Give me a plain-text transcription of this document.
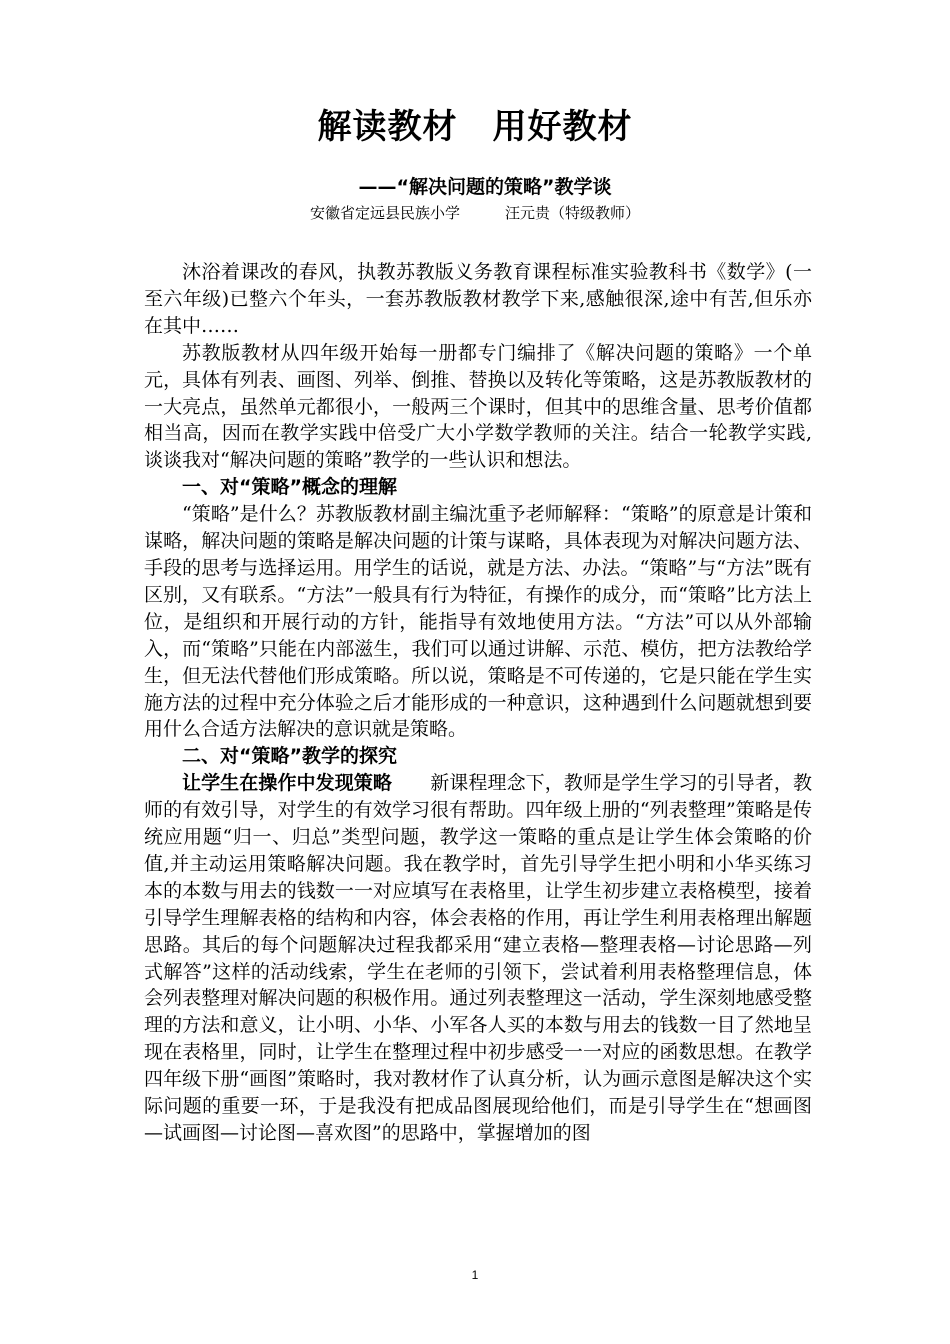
解读教材　用好教材
——“解决问题的策略”教学谈
安徽省定远县民族小学　　　汪元贵（特级教师）

沐浴着课改的春风，执教苏教版义务教育课程标准实验教科书《数学》(一至六年级)已整六个年头，一套苏教版教材教学下来,感触很深,途中有苦,但乐亦在其中……

苏教版教材从四年级开始每一册都专门编排了《解决问题的策略》一个单元，具体有列表、画图、列举、倒推、替换以及转化等策略，这是苏教版教材的一大亮点，虽然单元都很小，一般两三个课时，但其中的思维含量、思考价值都相当高，因而在教学实践中倍受广大小学数学教师的关注。结合一轮教学实践,谈谈我对“解决问题的策略”教学的一些认识和想法。

一、对“策略”概念的理解

“策略”是什么？苏教版教材副主编沈重予老师解释：“策略”的原意是计策和谋略，解决问题的策略是解决问题的计策与谋略，具体表现为对解决问题方法、手段的思考与选择运用。用学生的话说，就是方法、办法。“策略”与“方法”既有区别，又有联系。“方法”一般具有行为特征，有操作的成分，而“策略”比方法上位，是组织和开展行动的方针，能指导有效地使用方法。“方法”可以从外部输入，而“策略”只能在内部滋生，我们可以通过讲解、示范、模仿，把方法教给学生，但无法代替他们形成策略。所以说，策略是不可传递的，它是只能在学生实施方法的过程中充分体验之后才能形成的一种意识，这种遇到什么问题就想到要用什么合适方法解决的意识就是策略。

二、对“策略”教学的探究

让学生在操作中发现策略　　新课程理念下，教师是学生学习的引导者，教师的有效引导，对学生的有效学习很有帮助。四年级上册的“列表整理”策略是传统应用题“归一、归总”类型问题，教学这一策略的重点是让学生体会策略的价值,并主动运用策略解决问题。我在教学时，首先引导学生把小明和小华买练习本的本数与用去的钱数一一对应填写在表格里，让学生初步建立表格模型，接着引导学生理解表格的结构和内容，体会表格的作用，再让学生利用表格理出解题思路。其后的每个问题解决过程我都采用“建立表格—整理表格—讨论思路—列式解答”这样的活动线索，学生在老师的引领下，尝试着利用表格整理信息，体会列表整理对解决问题的积极作用。通过列表整理这一活动，学生深刻地感受整理的方法和意义，让小明、小华、小军各人买的本数与用去的钱数一目了然地呈现在表格里，同时，让学生在整理过程中初步感受一一对应的函数思想。在教学四年级下册“画图”策略时，我对教材作了认真分析，认为画示意图是解决这个实际问题的重要一环，于是我没有把成品图展现给他们，而是引导学生在“想画图—试画图—讨论图—喜欢图”的思路中，掌握增加的图

1
